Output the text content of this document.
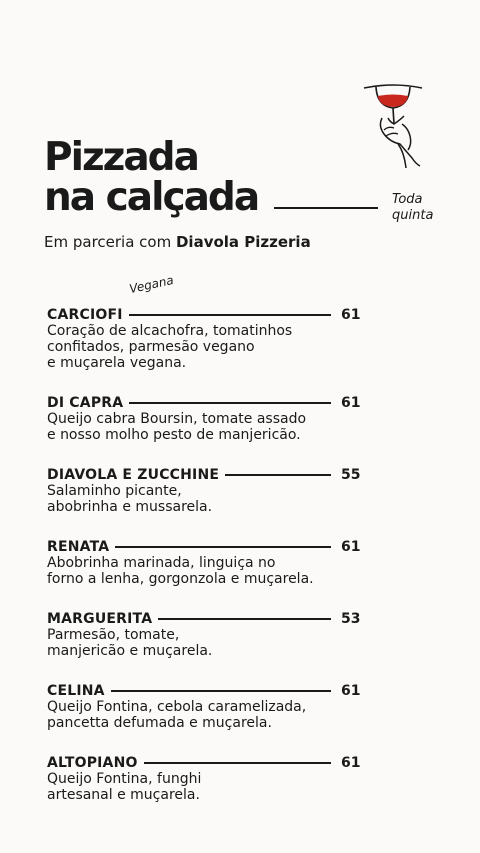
Pizzada
na calçada	Toda
quinta
Em parceria com Diavola Pizzeria
Vegana
CARCIOFI	61
Coração de alcachofra, tomatinhos
confitados, parmesão vegano
e muçarela vegana.
DI CAPRA	61
Queijo cabra Boursin, tomate assado
e nosso molho pesto de manjericão.
DIAVOLA E ZUCCHINE	55
Salaminho picante,
abobrinha e mussarela.
RENATA	61
Abobrinha marinada, linguiça no
forno a lenha, gorgonzola e muçarela.
MARGUERITA	53
Parmesão, tomate,
manjericão e muçarela.
CELINA	61
Queijo Fontina, cebola caramelizada,
pancetta defumada e muçarela.
ALTOPIANO	61
Queijo Fontina, funghi
artesanal e muçarela.
